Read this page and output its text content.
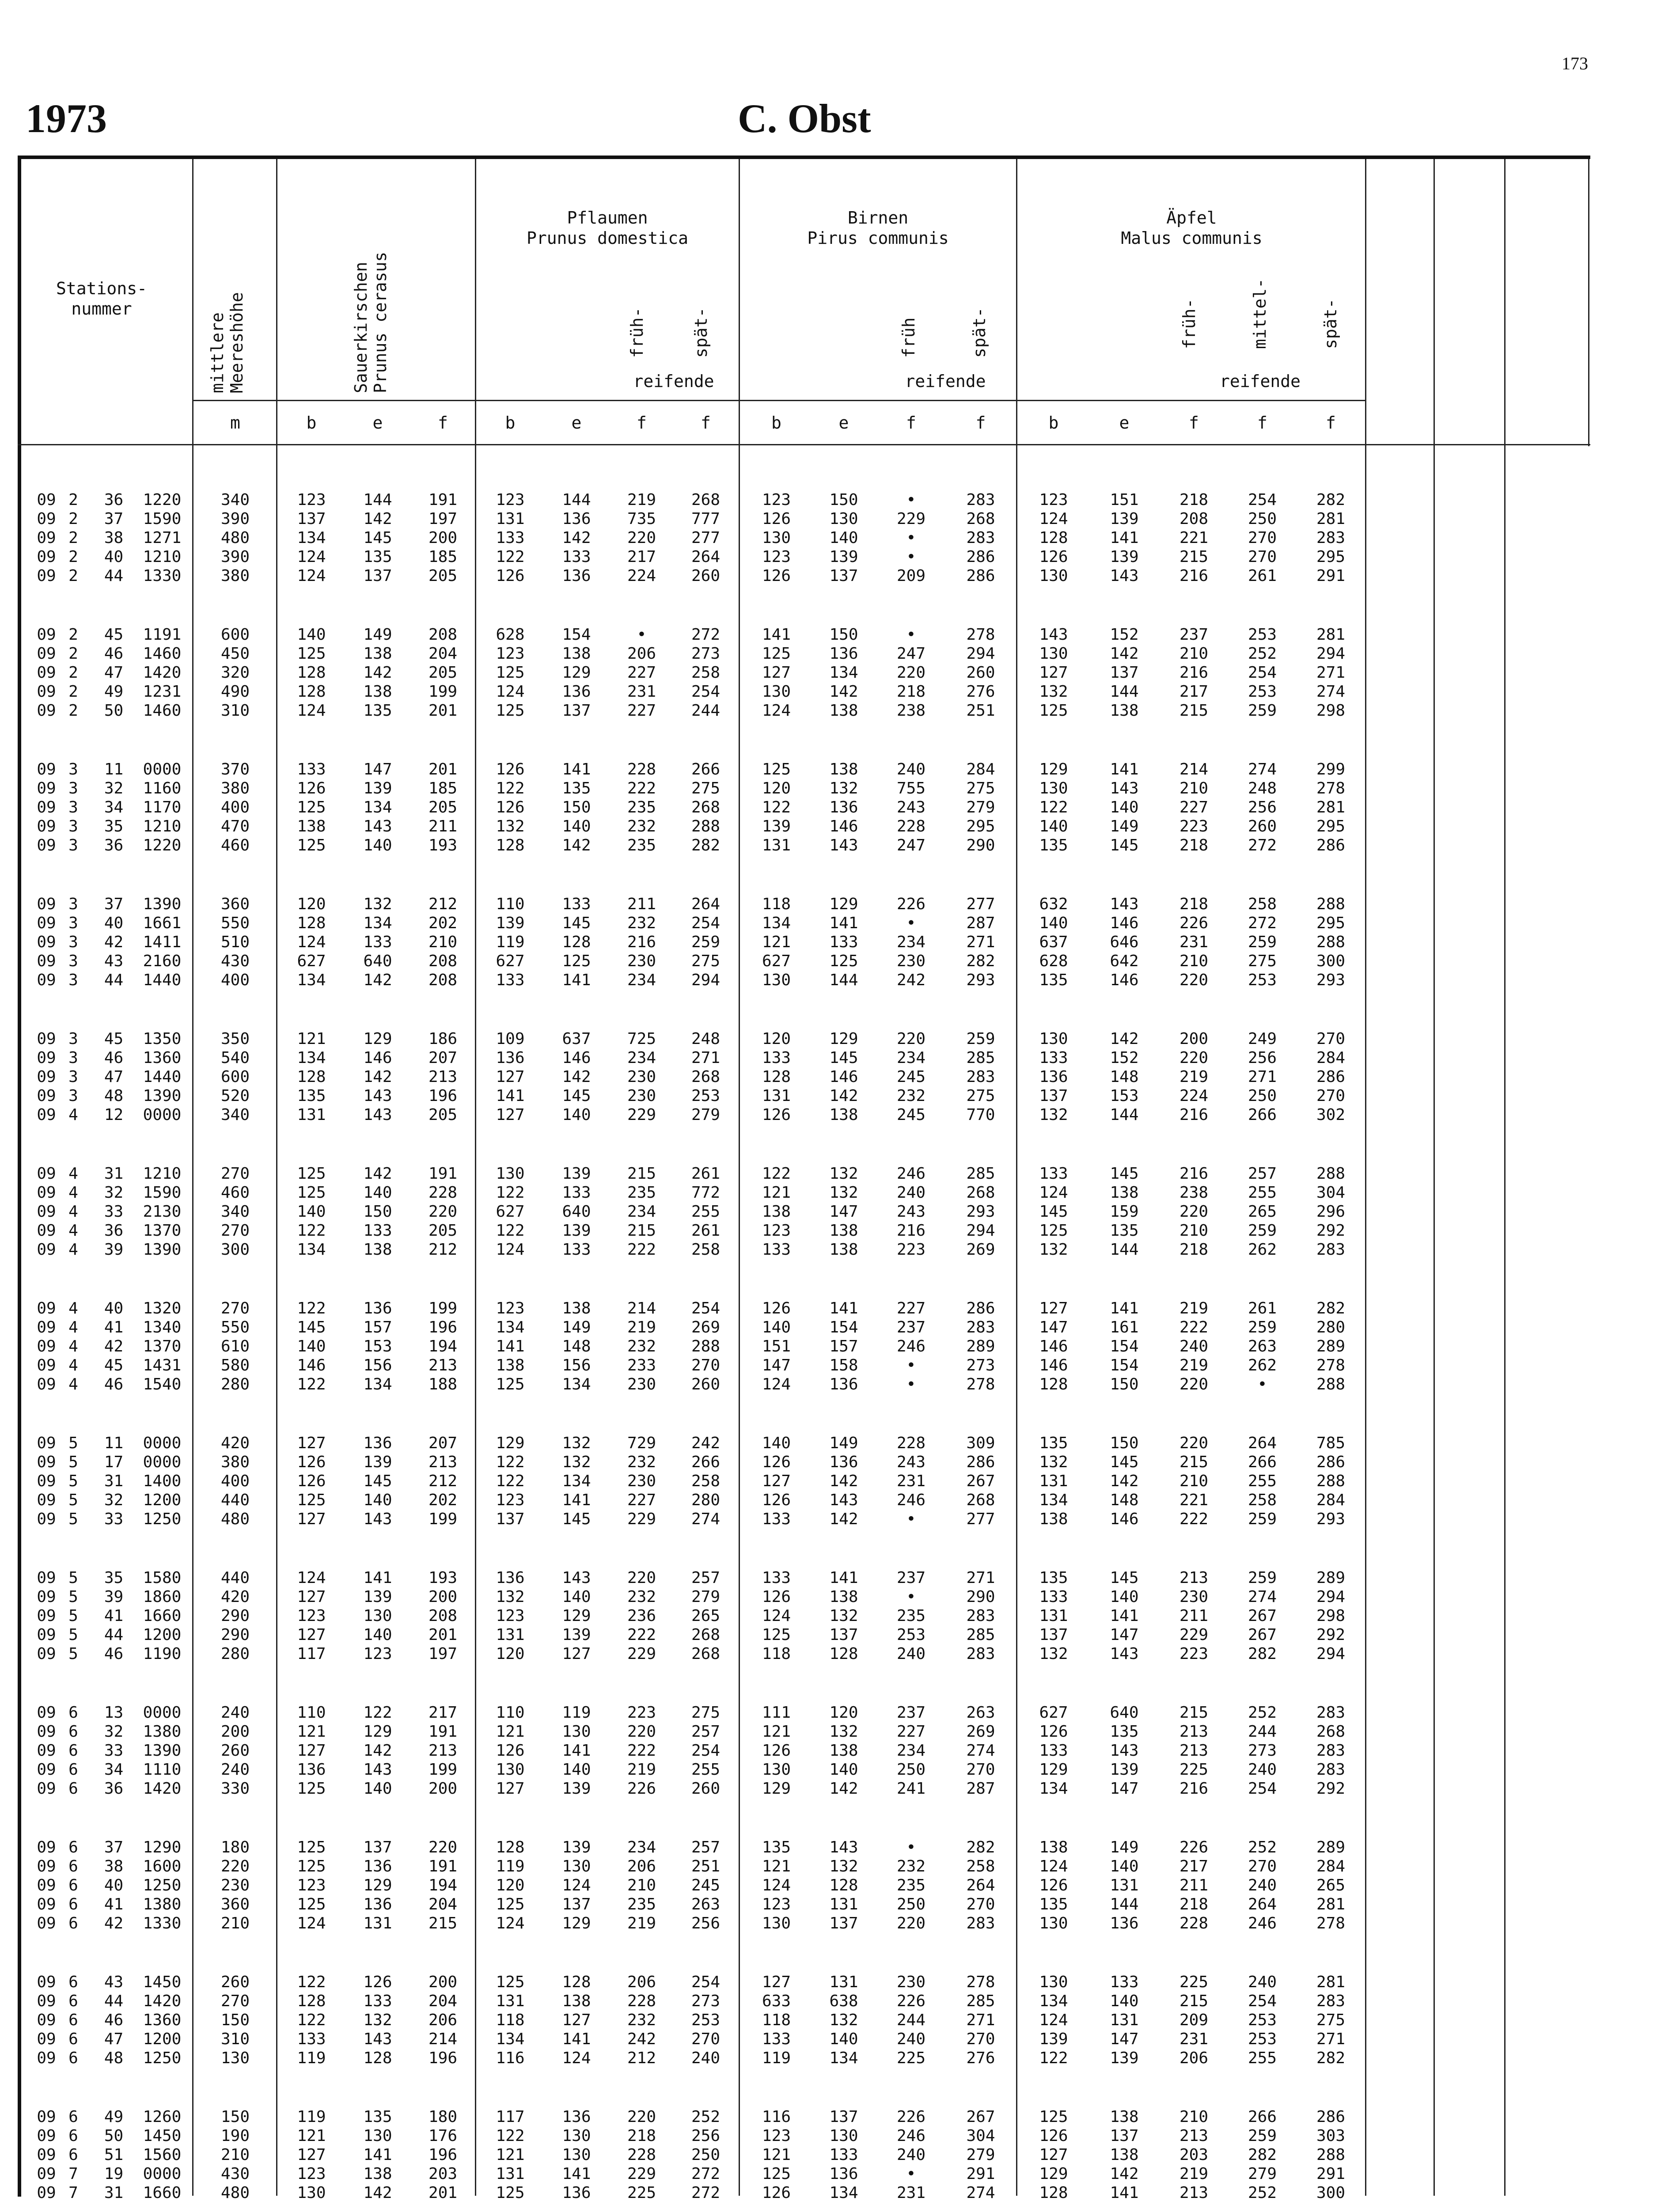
173
1973	C. Obst
Stations-
nummer
mittlere
Meereshöhe	Sauerkirschen
Prunus cerasus
Pflaumen
Prunus domestica
Birnen
Pirus communis
Äpfel
Malus communis
früh-	spät-
reifende
früh	spät-
reifende
früh-	mittel-	spät-
reifende
m	b	e	f	b	e	f	f	b	e	f	f	b	e	f	f	f
09 2	36	1220	340	123	144	191	123	144	219	268	123	150	•	283	123	151	218	254	282
09 2	37	1590	390	137	142	197	131	136	735	777	126	130	229	268	124	139	208	250	281
09 2	38	1271	480	134	145	200	133	142	220	277	130	140	•	283	128	141	221	270	283
09 2	40	1210	390	124	135	185	122	133	217	264	123	139	•	286	126	139	215	270	295
09 2	44	1330	380	124	137	205	126	136	224	260	126	137	209	286	130	143	216	261	291
09 2	45	1191	600	140	149	208	628	154	•	272	141	150	•	278	143	152	237	253	281
09 2	46	1460	450	125	138	204	123	138	206	273	125	136	247	294	130	142	210	252	294
09 2	47	1420	320	128	142	205	125	129	227	258	127	134	220	260	127	137	216	254	271
09 2	49	1231	490	128	138	199	124	136	231	254	130	142	218	276	132	144	217	253	274
09 2	50	1460	310	124	135	201	125	137	227	244	124	138	238	251	125	138	215	259	298
09 3	11	0000	370	133	147	201	126	141	228	266	125	138	240	284	129	141	214	274	299
09 3	32	1160	380	126	139	185	122	135	222	275	120	132	755	275	130	143	210	248	278
09 3	34	1170	400	125	134	205	126	150	235	268	122	136	243	279	122	140	227	256	281
09 3	35	1210	470	138	143	211	132	140	232	288	139	146	228	295	140	149	223	260	295
09 3	36	1220	460	125	140	193	128	142	235	282	131	143	247	290	135	145	218	272	286
09 3	37	1390	360	120	132	212	110	133	211	264	118	129	226	277	632	143	218	258	288
09 3	40	1661	550	128	134	202	139	145	232	254	134	141	•	287	140	146	226	272	295
09 3	42	1411	510	124	133	210	119	128	216	259	121	133	234	271	637	646	231	259	288
09 3	43	2160	430	627	640	208	627	125	230	275	627	125	230	282	628	642	210	275	300
09 3	44	1440	400	134	142	208	133	141	234	294	130	144	242	293	135	146	220	253	293
09 3	45	1350	350	121	129	186	109	637	725	248	120	129	220	259	130	142	200	249	270
09 3	46	1360	540	134	146	207	136	146	234	271	133	145	234	285	133	152	220	256	284
09 3	47	1440	600	128	142	213	127	142	230	268	128	146	245	283	136	148	219	271	286
09 3	48	1390	520	135	143	196	141	145	230	253	131	142	232	275	137	153	224	250	270
09 4	12	0000	340	131	143	205	127	140	229	279	126	138	245	770	132	144	216	266	302
09 4	31	1210	270	125	142	191	130	139	215	261	122	132	246	285	133	145	216	257	288
09 4	32	1590	460	125	140	228	122	133	235	772	121	132	240	268	124	138	238	255	304
09 4	33	2130	340	140	150	220	627	640	234	255	138	147	243	293	145	159	220	265	296
09 4	36	1370	270	122	133	205	122	139	215	261	123	138	216	294	125	135	210	259	292
09 4	39	1390	300	134	138	212	124	133	222	258	133	138	223	269	132	144	218	262	283
09 4	40	1320	270	122	136	199	123	138	214	254	126	141	227	286	127	141	219	261	282
09 4	41	1340	550	145	157	196	134	149	219	269	140	154	237	283	147	161	222	259	280
09 4	42	1370	610	140	153	194	141	148	232	288	151	157	246	289	146	154	240	263	289
09 4	45	1431	580	146	156	213	138	156	233	270	147	158	•	273	146	154	219	262	278
09 4	46	1540	280	122	134	188	125	134	230	260	124	136	•	278	128	150	220	•	288
09 5	11	0000	420	127	136	207	129	132	729	242	140	149	228	309	135	150	220	264	785
09 5	17	0000	380	126	139	213	122	132	232	266	126	136	243	286	132	145	215	266	286
09 5	31	1400	400	126	145	212	122	134	230	258	127	142	231	267	131	142	210	255	288
09 5	32	1200	440	125	140	202	123	141	227	280	126	143	246	268	134	148	221	258	284
09 5	33	1250	480	127	143	199	137	145	229	274	133	142	•	277	138	146	222	259	293
09 5	35	1580	440	124	141	193	136	143	220	257	133	141	237	271	135	145	213	259	289
09 5	39	1860	420	127	139	200	132	140	232	279	126	138	•	290	133	140	230	274	294
09 5	41	1660	290	123	130	208	123	129	236	265	124	132	235	283	131	141	211	267	298
09 5	44	1200	290	127	140	201	131	139	222	268	125	137	253	285	137	147	229	267	292
09 5	46	1190	280	117	123	197	120	127	229	268	118	128	240	283	132	143	223	282	294
09 6	13	0000	240	110	122	217	110	119	223	275	111	120	237	263	627	640	215	252	283
09 6	32	1380	200	121	129	191	121	130	220	257	121	132	227	269	126	135	213	244	268
09 6	33	1390	260	127	142	213	126	141	222	254	126	138	234	274	133	143	213	273	283
09 6	34	1110	240	136	143	199	130	140	219	255	130	140	250	270	129	139	225	240	283
09 6	36	1420	330	125	140	200	127	139	226	260	129	142	241	287	134	147	216	254	292
09 6	37	1290	180	125	137	220	128	139	234	257	135	143	•	282	138	149	226	252	289
09 6	38	1600	220	125	136	191	119	130	206	251	121	132	232	258	124	140	217	270	284
09 6	40	1250	230	123	129	194	120	124	210	245	124	128	235	264	126	131	211	240	265
09 6	41	1380	360	125	136	204	125	137	235	263	123	131	250	270	135	144	218	264	281
09 6	42	1330	210	124	131	215	124	129	219	256	130	137	220	283	130	136	228	246	278
09 6	43	1450	260	122	126	200	125	128	206	254	127	131	230	278	130	133	225	240	281
09 6	44	1420	270	128	133	204	131	138	228	273	633	638	226	285	134	140	215	254	283
09 6	46	1360	150	122	132	206	118	127	232	253	118	132	244	271	124	131	209	253	275
09 6	47	1200	310	133	143	214	134	141	242	270	133	140	240	270	139	147	231	253	271
09 6	48	1250	130	119	128	196	116	124	212	240	119	134	225	276	122	139	206	255	282
09 6	49	1260	150	119	135	180	117	136	220	252	116	137	226	267	125	138	210	266	286
09 6	50	1450	190	121	130	176	122	130	218	256	123	130	246	304	126	137	213	259	303
09 6	51	1560	210	127	141	196	121	130	228	250	121	133	240	279	127	138	203	282	288
09 7	19	0000	430	123	138	203	131	141	229	272	125	136	•	291	129	142	219	279	291
09 7	31	1660	480	130	142	201	125	136	225	272	126	134	231	274	128	141	213	252	300
